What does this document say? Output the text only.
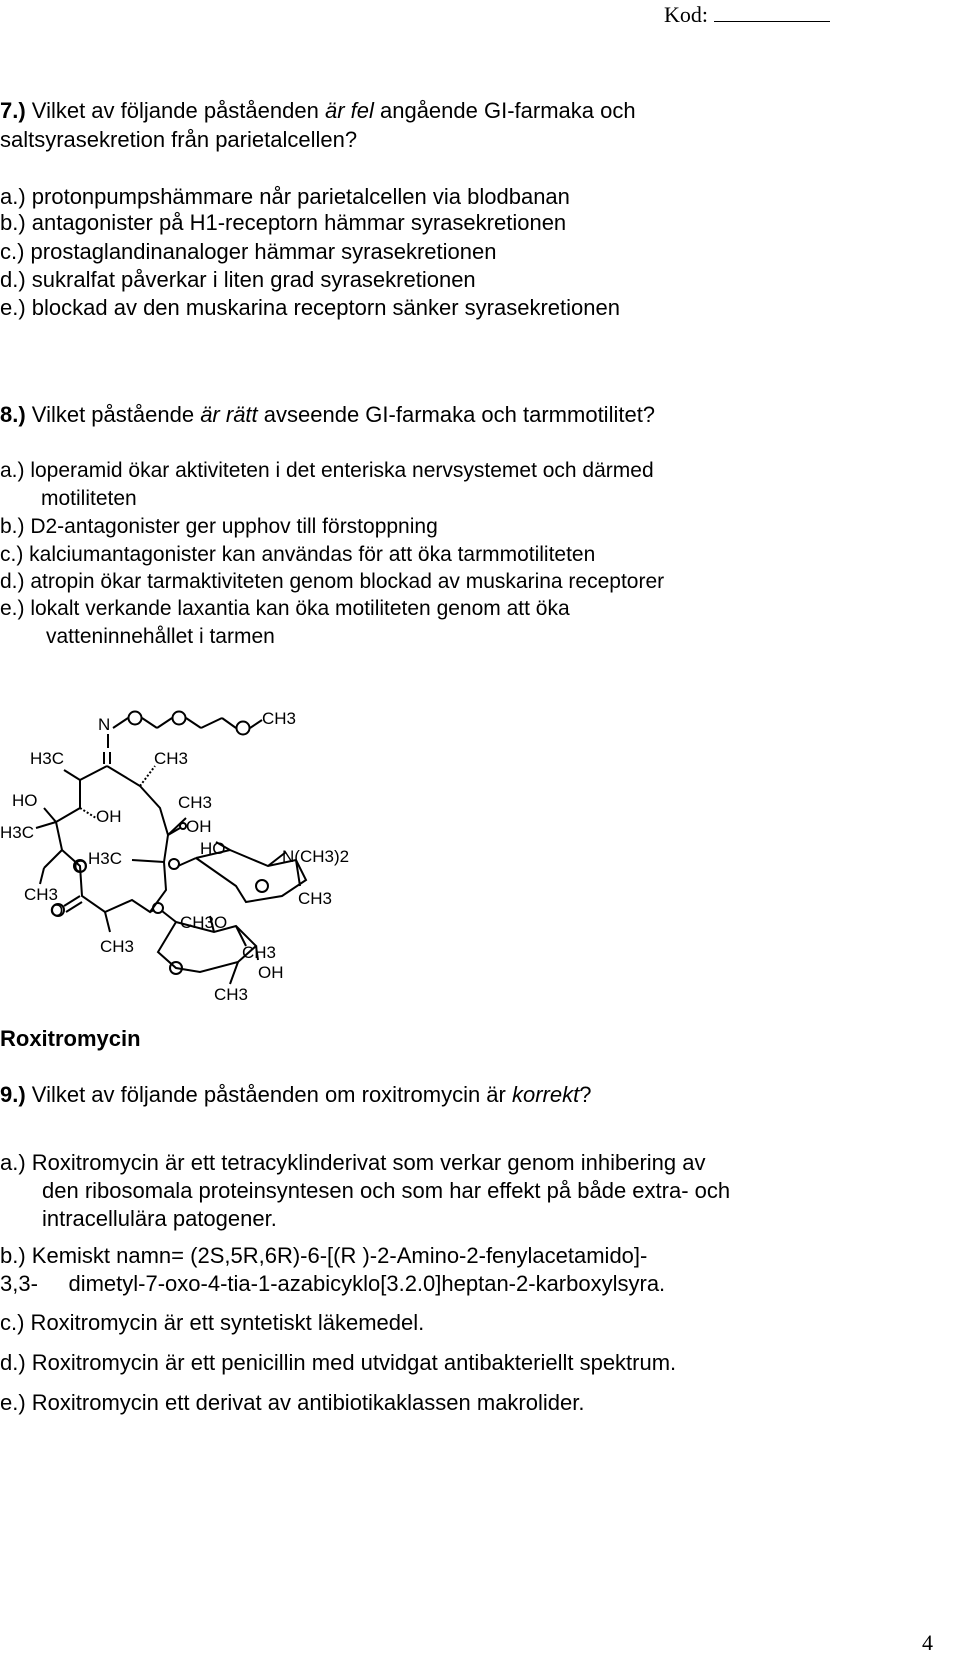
Kod:
7.) Vilket av följande påståenden är fel angående GI-farmaka och
saltsyrasekretion från parietalcellen?
a.) protonpumpshämmare når parietalcellen via blodbanan
b.) antagonister på H1-receptorn hämmar syrasekretionen
c.) prostaglandinanaloger hämmar syrasekretionen
d.) sukralfat påverkar i liten grad syrasekretionen
e.) blockad av den muskarina receptorn sänker syrasekretionen
8.) Vilket påstående är rätt avseende GI-farmaka och tarmmotilitet?
a.) loperamid ökar aktiviteten i det enteriska nervsystemet och därmed
motiliteten
b.) D2-antagonister ger upphov till förstoppning
c.) kalciumantagonister kan användas för att öka tarmmotiliteten
d.) atropin ökar tarmaktiviteten genom blockad av muskarina receptorer
e.) lokalt verkande laxantia kan öka motiliteten genom att öka
vatteninnehållet i tarmen
N	CH3
H3C	CH3
HO
H3C
OH
CH3
OH
H3C
HO	N(CH3)2
CH3
O
O
CH3
CH3O
CH3
OH
CH3
CH3
Roxitromycin
9.) Vilket av följande påståenden om roxitromycin är korrekt?
a.) Roxitromycin är ett tetracyklinderivat som verkar genom inhibering av
den ribosomala proteinsyntesen och som har effekt på både extra- och
intracellulära patogener.
b.) Kemiskt namn= (2S,5R,6R)-6-[(R )-2-Amino-2-fenylacetamido]-
3,3-     dimetyl-7-oxo-4-tia-1-azabicyklo[3.2.0]heptan-2-karboxylsyra.
c.) Roxitromycin är ett syntetiskt läkemedel.
d.) Roxitromycin är ett penicillin med utvidgat antibakteriellt spektrum.
e.) Roxitromycin ett derivat av antibiotikaklassen makrolider.
4
